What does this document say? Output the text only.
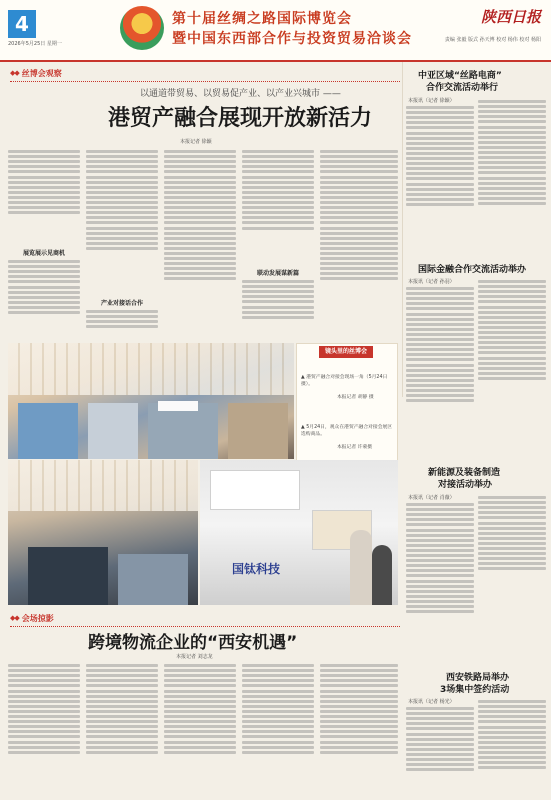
4
2026年5月25日 星期一
第十届丝绸之路国际博览会
暨中国东西部合作与投资贸易洽谈会
陕西日报
责编 张毅 版式 孙天博 校对 杨伟 校对 杨阳
◆◆ 丝博会观察
以通道带贸易、以贸易促产业、以产业兴城市 ——
港贸产融合展现开放新活力
本报记者 徐颖
展览展示见商机
产业对接话合作
联动发展谋新篇
中亚区域“丝路电商”
合作交流活动举行
本报讯（记者 徐颖）
国际金融合作交流活动举办
本报讯（记者 孙羽）
新能源及装备制造
对接活动举办
本报讯（记者 肖薇）
西安铁路局举办
3场集中签约活动
本报讯（记者 杨光）
镜头里的丝博会
▲ 港贸产融合对接会现场一角（5月24日摄）。
本报记者 胡静 摄
▲ 5月24日，观众在港贸产融合对接会展区选购商品。
本报记者 许蒙摄
国钛科技
◆◆ 会场掠影
跨境物流企业的“西安机遇”
本报记者 刘志龙
